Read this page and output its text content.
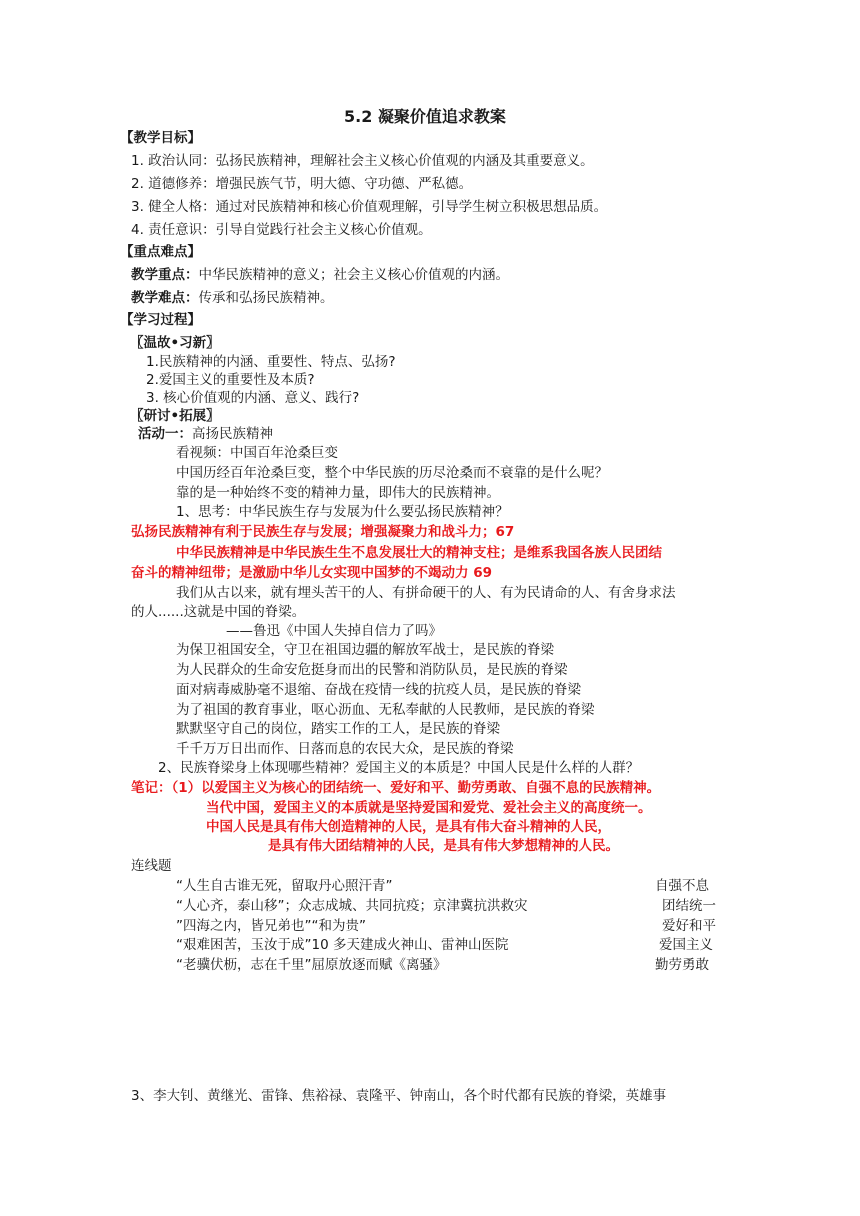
5.2 凝聚价值追求教案
【教学目标】
1. 政治认同：弘扬民族精神，理解社会主义核心价值观的内涵及其重要意义。
2. 道德修养：增强民族气节，明大德、守功德、严私德。
3. 健全人格：通过对民族精神和核心价值观理解，引导学生树立积极思想品质。
4. 责任意识：引导自觉践行社会主义核心价值观。
【重点难点】
教学重点：中华民族精神的意义；社会主义核心价值观的内涵。
教学难点：传承和弘扬民族精神。
【学习过程】
〖温故•习新〗
1.民族精神的内涵、重要性、特点、弘扬?
2.爱国主义的重要性及本质?
3. 核心价值观的内涵、意义、践行?
〖研讨•拓展〗
活动一：高扬民族精神
看视频：中国百年沧桑巨变
中国历经百年沧桑巨变，整个中华民族的历尽沧桑而不衰靠的是什么呢？
靠的是一种始终不变的精神力量，即伟大的民族精神。
1、思考：中华民族生存与发展为什么要弘扬民族精神？
弘扬民族精神有利于民族生存与发展；增强凝聚力和战斗力；67
中华民族精神是中华民族生生不息发展壮大的精神支柱；是维系我国各族人民团结
奋斗的精神纽带；是激励中华儿女实现中国梦的不竭动力 69
我们从古以来，就有埋头苦干的人、有拼命硬干的人、有为民请命的人、有舍身求法
的人......这就是中国的脊梁。
——鲁迅《中国人失掉自信力了吗》
为保卫祖国安全，守卫在祖国边疆的解放军战士，是民族的脊梁
为人民群众的生命安危挺身而出的民警和消防队员，是民族的脊梁
面对病毒威胁毫不退缩、奋战在疫情一线的抗疫人员，是民族的脊梁
为了祖国的教育事业，呕心沥血、无私奉献的人民教师，是民族的脊梁
默默坚守自己的岗位，踏实工作的工人，是民族的脊梁
千千万万日出而作、日落而息的农民大众，是民族的脊梁
2、民族脊梁身上体现哪些精神？爱国主义的本质是？中国人民是什么样的人群？
笔记：（1）以爱国主义为核心的团结统一、爱好和平、勤劳勇敢、自强不息的民族精神。
当代中国，爱国主义的本质就是坚持爱国和爱党、爱社会主义的高度统一。
中国人民是具有伟大创造精神的人民，是具有伟大奋斗精神的人民，
是具有伟大团结精神的人民，是具有伟大梦想精神的人民。
连线题
“人生自古谁无死，留取丹心照汗青”
“人心齐，泰山移”；众志成城、共同抗疫；京津冀抗洪救灾
”四海之内，皆兄弟也”“和为贵”
“艰难困苦，玉汝于成”10 多天建成火神山、雷神山医院
“老骥伏枥，志在千里”屈原放逐而赋《离骚》
自强不息
团结统一
爱好和平
爱国主义
勤劳勇敢
3、李大钊、黄继光、雷锋、焦裕禄、袁隆平、钟南山，各个时代都有民族的脊梁，英雄事
